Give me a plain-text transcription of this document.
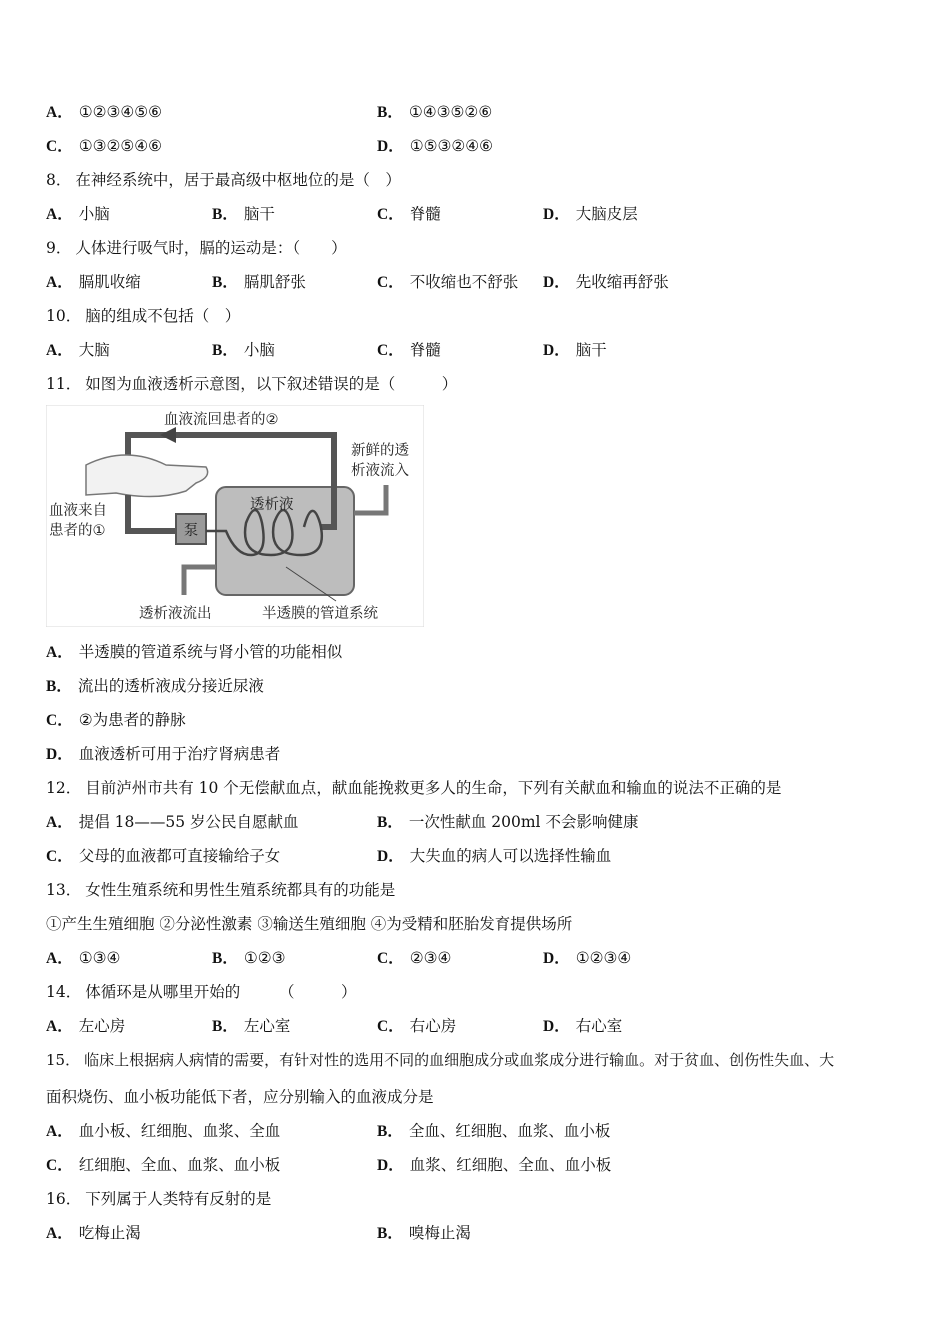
A． ①②③④⑤⑥	B． ①④③⑤②⑥
C． ①③②⑤④⑥	D． ①⑤③②④⑥
8． 在神经系统中，居于最高级中枢地位的是（　）
A． 小脑	B． 脑干	C． 脊髓	D． 大脑皮层
9． 人体进行吸气时，膈的运动是：（　　）
A． 膈肌收缩	B． 膈肌舒张	C． 不收缩也不舒张 D． 先收缩再舒张
10． 脑的组成不包括（　）
A． 大脑	B． 小脑	C． 脊髓	D． 脑干
11． 如图为血液透析示意图，以下叙述错误的是（　　　）
泵
血液流回患者的②
新鲜的透
析液流入
血液来自
患者的①
透析液
透析液流出	半透膜的管道系统
A． 半透膜的管道系统与肾小管的功能相似
B． 流出的透析液成分接近尿液
C． ②为患者的静脉
D． 血液透析可用于治疗肾病患者
12． 目前泸州市共有 10 个无偿献血点，献血能挽救更多人的生命，下列有关献血和输血的说法不正确的是
A． 提倡 18——55 岁公民自愿献血	B． 一次性献血 200ml 不会影响健康
C． 父母的血液都可直接输给子女	D． 大失血的病人可以选择性输血
13． 女性生殖系统和男性生殖系统都具有的功能是
①产生生殖细胞 ②分泌性激素 ③输送生殖细胞 ④为受精和胚胎发育提供场所
A． ①③④	B． ①②③	C． ②③④	D． ①②③④
14． 体循环是从哪里开始的　　　（　　　）
A． 左心房	B． 左心室	C． 右心房	D． 右心室
15． 临床上根据病人病情的需要，有针对性的选用不同的血细胞成分或血浆成分进行输血。对于贫血、创伤性失血、大
面积烧伤、血小板功能低下者，应分别输入的血液成分是
A． 血小板、红细胞、血浆、全血	B． 全血、红细胞、血浆、血小板
C． 红细胞、全血、血浆、血小板	D． 血浆、红细胞、全血、血小板
16． 下列属于人类特有反射的是
A． 吃梅止渴	B． 嗅梅止渴
